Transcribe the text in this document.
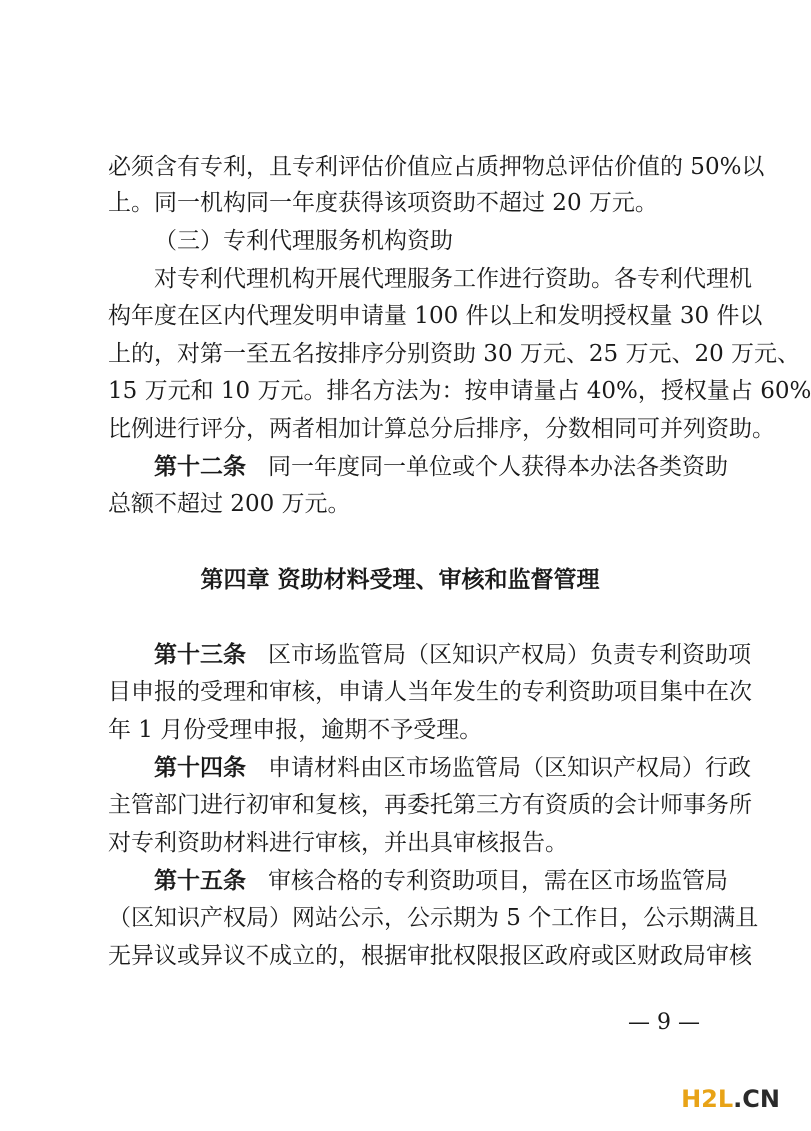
必须含有专利，且专利评估价值应占质押物总评估价值的 50%以
上。同一机构同一年度获得该项资助不超过 20 万元。
（三）专利代理服务机构资助
对专利代理机构开展代理服务工作进行资助。各专利代理机
构年度在区内代理发明申请量 100 件以上和发明授权量 30 件以
上的，对第一至五名按排序分别资助 30 万元、25 万元、20 万元、
15 万元和 10 万元。排名方法为：按申请量占 40%，授权量占 60%
比例进行评分，两者相加计算总分后排序，分数相同可并列资助。
第十二条 同一年度同一单位或个人获得本办法各类资助
总额不超过 200 万元。
第四章 资助材料受理、审核和监督管理
第十三条 区市场监管局（区知识产权局）负责专利资助项
目申报的受理和审核，申请人当年发生的专利资助项目集中在次
年 1 月份受理申报，逾期不予受理。
第十四条 申请材料由区市场监管局（区知识产权局）行政
主管部门进行初审和复核，再委托第三方有资质的会计师事务所
对专利资助材料进行审核，并出具审核报告。
第十五条 审核合格的专利资助项目，需在区市场监管局
（区知识产权局）网站公示，公示期为 5 个工作日，公示期满且
无异议或异议不成立的，根据审批权限报区政府或区财政局审核
— 9 —
H2L.CN
